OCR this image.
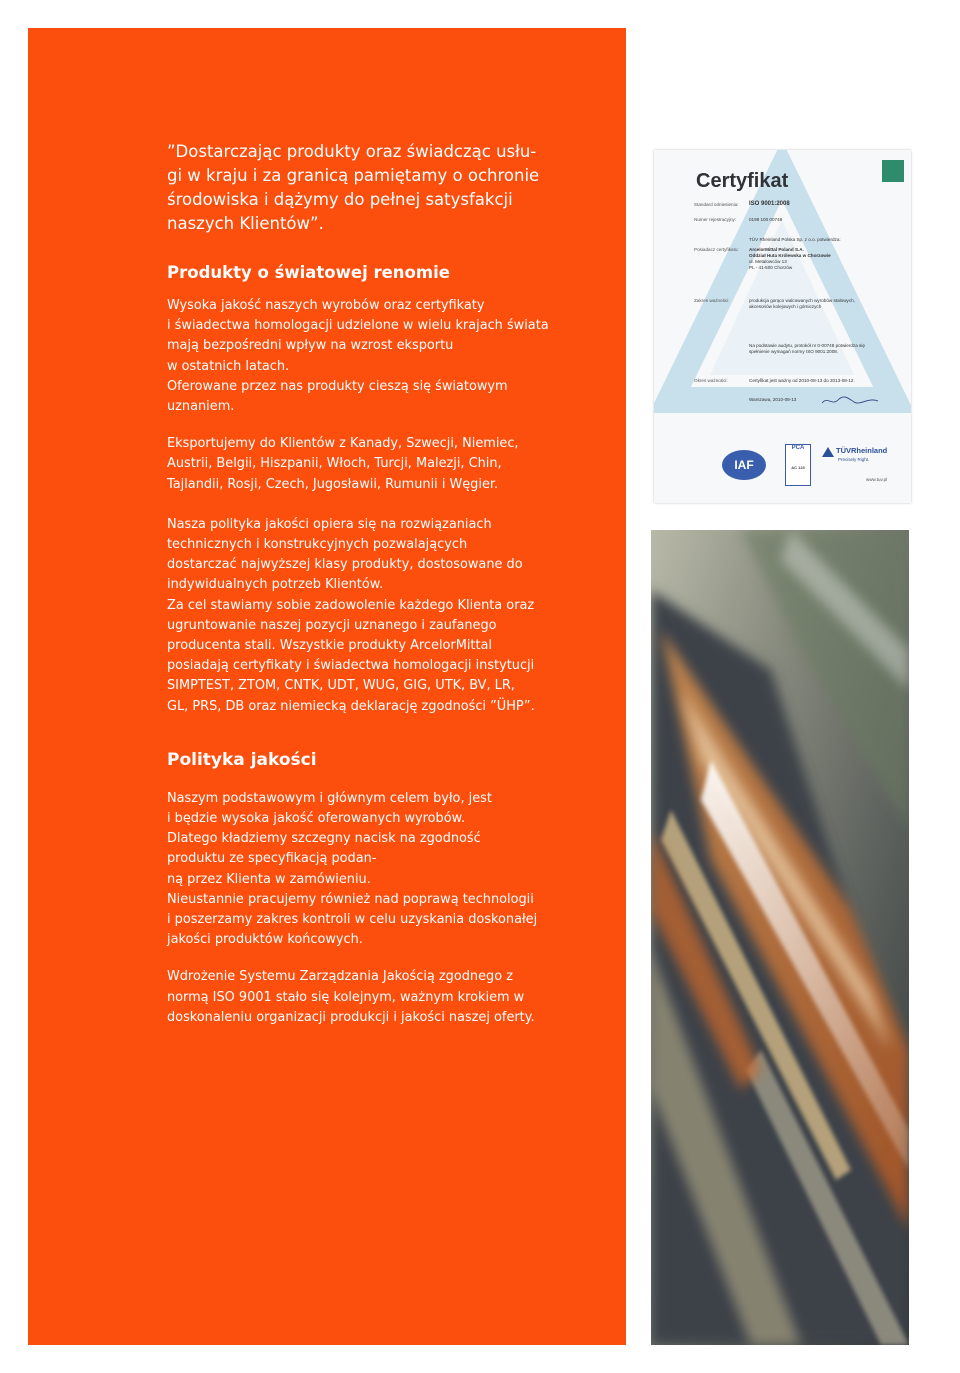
”Dostarczając produkty oraz świadcząc usłu-
gi w kraju i za granicą pamiętamy o ochronie
środowiska i dążymy do pełnej satysfakcji
naszych Klientów”.

Produkty o światowej renomie

Wysoka jakość naszych wyrobów oraz certyfikaty
i świadectwa homologacji udzielone w wielu krajach świata
mają bezpośredni wpływ na wzrost eksportu
w ostatnich latach.
Oferowane przez nas produkty cieszą się światowym
uznaniem.

Eksportujemy do Klientów z Kanady, Szwecji, Niemiec,
Austrii, Belgii, Hiszpanii, Włoch, Turcji, Malezji, Chin,
Tajlandii, Rosji, Czech, Jugosławii, Rumunii i Węgier.

Nasza polityka jakości opiera się na rozwiązaniach
technicznych i konstrukcyjnych pozwalających
dostarczać najwyższej klasy produkty, dostosowane do
indywidualnych potrzeb Klientów.
Za cel stawiamy sobie zadowolenie każdego Klienta oraz
ugruntowanie naszej pozycji uznanego i zaufanego
producenta stali. Wszystkie produkty ArcelorMittal
posiadają certyfikaty i świadectwa homologacji instytucji
SIMPTEST, ZTOM, CNTK, UDT, WUG, GIG, UTK, BV, LR,
GL, PRS, DB oraz niemiecką deklarację zgodności ”ÜHP”.

Polityka jakości

Naszym podstawowym i głównym celem było, jest
i będzie wysoka jakość oferowanych wyrobów.
Dlatego kładziemy szczegny nacisk na zgodność
produktu ze specyfikacją podan-
ną przez Klienta w zamówieniu.
Nieustannie pracujemy również nad poprawą technologii
i poszerzamy zakres kontroli w celu uzyskania doskonałej
jakości produktów końcowych.

Wdrożenie Systemu Zarządzania Jakością zgodnego z
normą ISO 9001 stało się kolejnym, ważnym krokiem w
doskonaleniu organizacji produkcji i jakości naszej oferty.

Certyfikat
Standard odniesienia: ISO 9001:2008
Numer rejestracyjny:	0198 100 00748
TÜV Rheinland Polska Sp. z o.o. potwierdza:
Posiadacz certyfikatu: ArcelorMittal Poland S.A.
Oddział Huta Królewska w Chorzowie
ul. Metalowców 13
PL - 41-500 Chorzów
Zakres ważności:	produkcja gorąco walcowanych wyrobów stalowych,
akcesoriów kolejowych i górniczych
Na podstawie audytu, protokół nr 0-00748 potwierdza się
spełnienie wymagań normy ISO 9001:2008.
Okres ważności:	Certyfikat jest ważny od 2010-08-13 do 2013-08-12.
Warszawa, 2010-08-13
IAF
PCA
AC 123
TÜVRheinland
Precisely Right.
www.tuv.pl
